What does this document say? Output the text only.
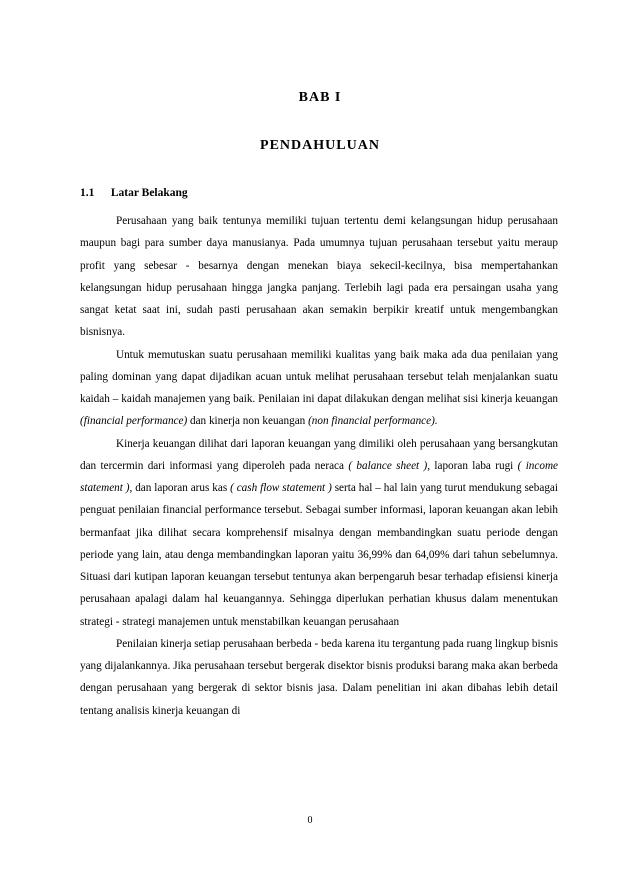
BAB I
PENDAHULUAN
1.1 Latar Belakang

Perusahaan yang baik tentunya memiliki tujuan tertentu demi kelangsungan hidup perusahaan maupun bagi para sumber daya manusianya. Pada umumnya tujuan perusahaan tersebut yaitu meraup profit yang sebesar - besarnya dengan menekan biaya sekecil-kecilnya, bisa mempertahankan kelangsungan hidup perusahaan hingga jangka panjang. Terlebih lagi pada era persaingan usaha yang sangat ketat saat ini, sudah pasti perusahaan akan semakin berpikir kreatif untuk mengembangkan bisnisnya.

Untuk memutuskan suatu perusahaan memiliki kualitas yang baik maka ada dua penilaian yang paling dominan yang dapat dijadikan acuan untuk melihat perusahaan tersebut telah menjalankan suatu kaidah – kaidah manajemen yang baik. Penilaian ini dapat dilakukan dengan melihat sisi kinerja keuangan (financial performance) dan kinerja non keuangan (non financial performance).

Kinerja keuangan dilihat dari laporan keuangan yang dimiliki oleh perusahaan yang bersangkutan dan tercermin dari informasi yang diperoleh pada neraca ( balance sheet ), laporan laba rugi ( income statement ), dan laporan arus kas ( cash flow statement ) serta hal – hal lain yang turut mendukung sebagai penguat penilaian financial performance tersebut. Sebagai sumber informasi, laporan keuangan akan lebih bermanfaat jika dilihat secara komprehensif misalnya dengan membandingkan suatu periode dengan periode yang lain, atau denga membandingkan laporan yaitu 36,99% dan 64,09% dari tahun sebelumnya. Situasi dari kutipan laporan keuangan tersebut tentunya akan berpengaruh besar terhadap efisiensi kinerja perusahaan apalagi dalam hal keuangannya. Sehingga diperlukan perhatian khusus dalam menentukan strategi - strategi manajemen untuk menstabilkan keuangan perusahaan

Penilaian kinerja setiap perusahaan berbeda - beda karena itu tergantung pada ruang lingkup bisnis yang dijalankannya. Jika perusahaan tersebut bergerak disektor bisnis produksi barang maka akan berbeda dengan perusahaan yang bergerak di sektor bisnis jasa. Dalam penelitian ini akan dibahas lebih detail tentang analisis kinerja keuangan di

0
